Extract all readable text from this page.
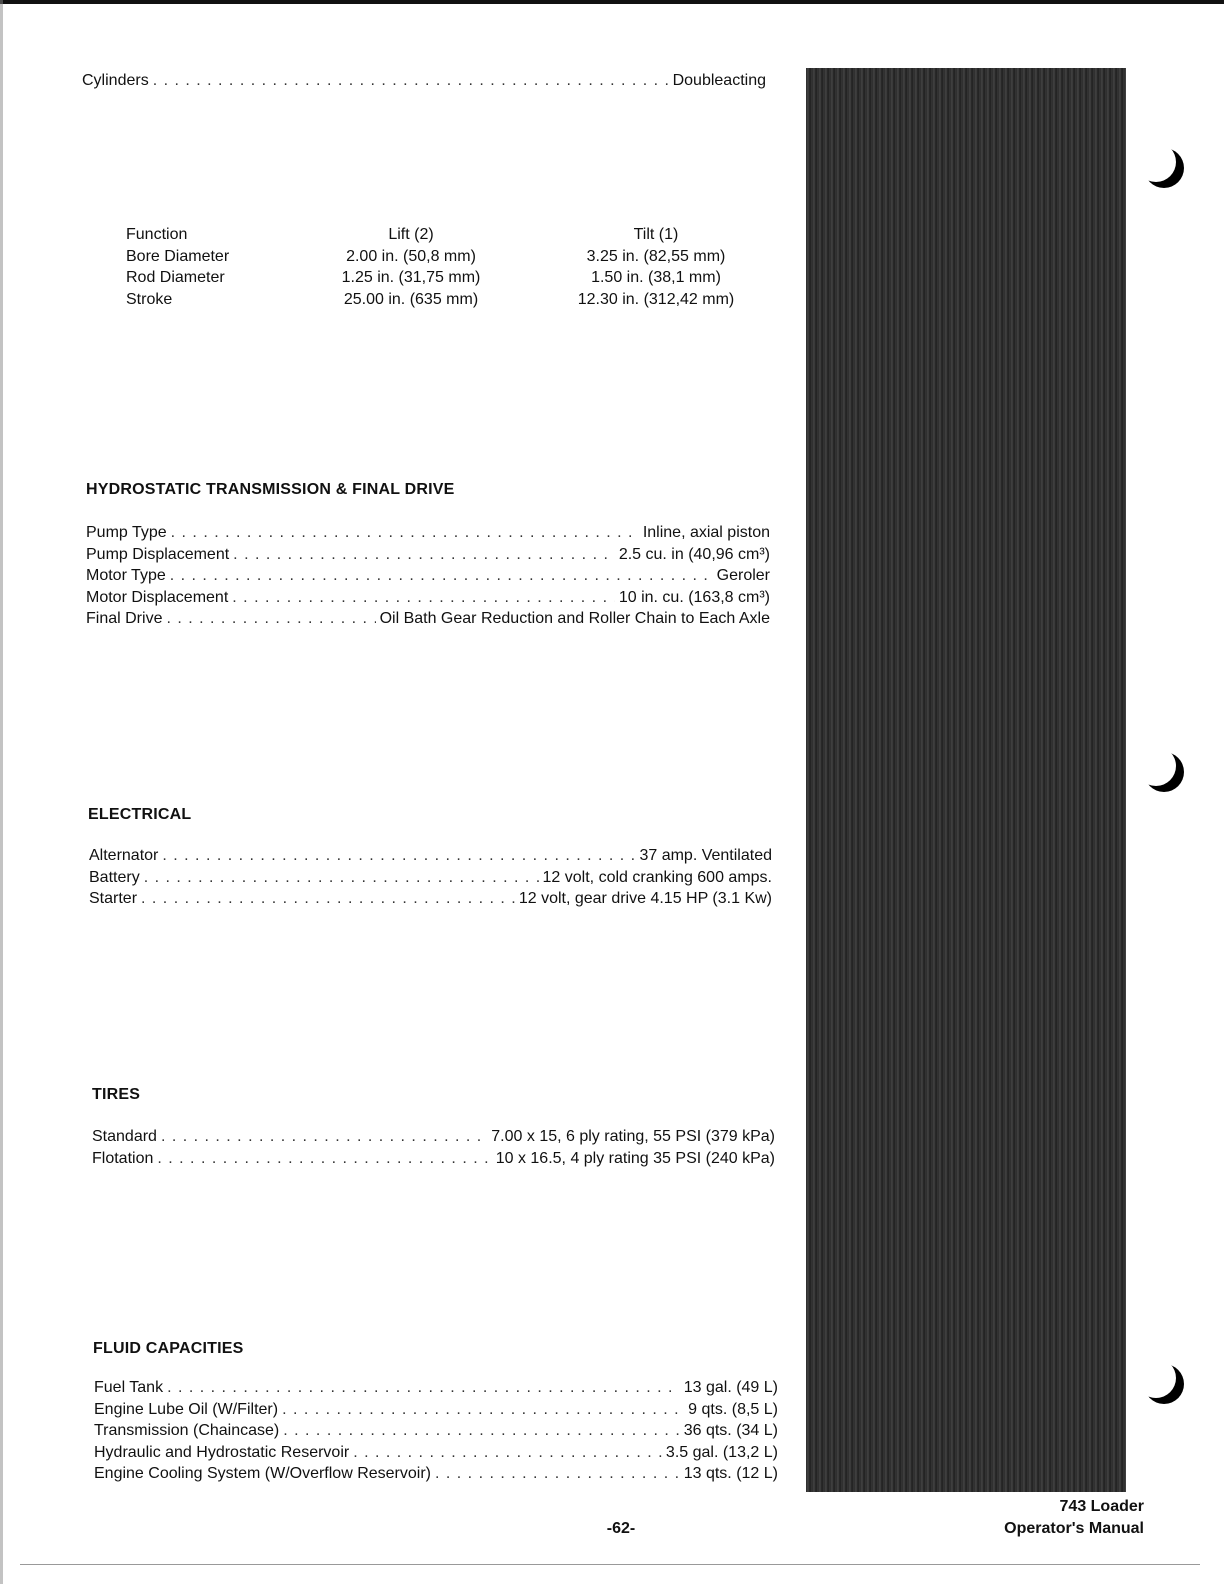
Cylinders . . .	Doubleacting
Function	Lift (2)	Tilt (1)
Bore Diameter	2.00 in. (50,8 mm)	3.25 in. (82,55 mm)
Rod Diameter	1.25 in. (31,75 mm)	1.50 in. (38,1 mm)
Stroke	25.00 in. (635 mm)	12.30 in. (312,42 mm)
HYDROSTATIC TRANSMISSION & FINAL DRIVE
Pump Type . . .	Inline, axial piston
Pump Displacement . . .	2.5 cu. in (40,96 cm³)
Motor Type . . .	Geroler
Motor Displacement . . .	10 in. cu. (163,8 cm³)
Final Drive . . .	Oil Bath Gear Reduction and Roller Chain to Each Axle
ELECTRICAL
Alternator . . .	37 amp. Ventilated
Battery . . .	12 volt, cold cranking 600 amps.
Starter . . .	12 volt, gear drive 4.15 HP (3.1 Kw)
TIRES
Standard . . .	7.00 x 15, 6 ply rating, 55 PSI (379 kPa)
Flotation . . .	10 x 16.5, 4 ply rating 35 PSI (240 kPa)
FLUID CAPACITIES
Fuel Tank . . .	13 gal. (49 L)
Engine Lube Oil (W/Filter) . . .	9 qts. (8,5 L)
Transmission (Chaincase) . . .	36 qts. (34 L)
Hydraulic and Hydrostatic Reservoir . . .	3.5 gal. (13,2 L)
Engine Cooling System (W/Overflow Reservoir) . . .	13 qts. (12 L)
-62-
743 Loader
Operator's Manual
